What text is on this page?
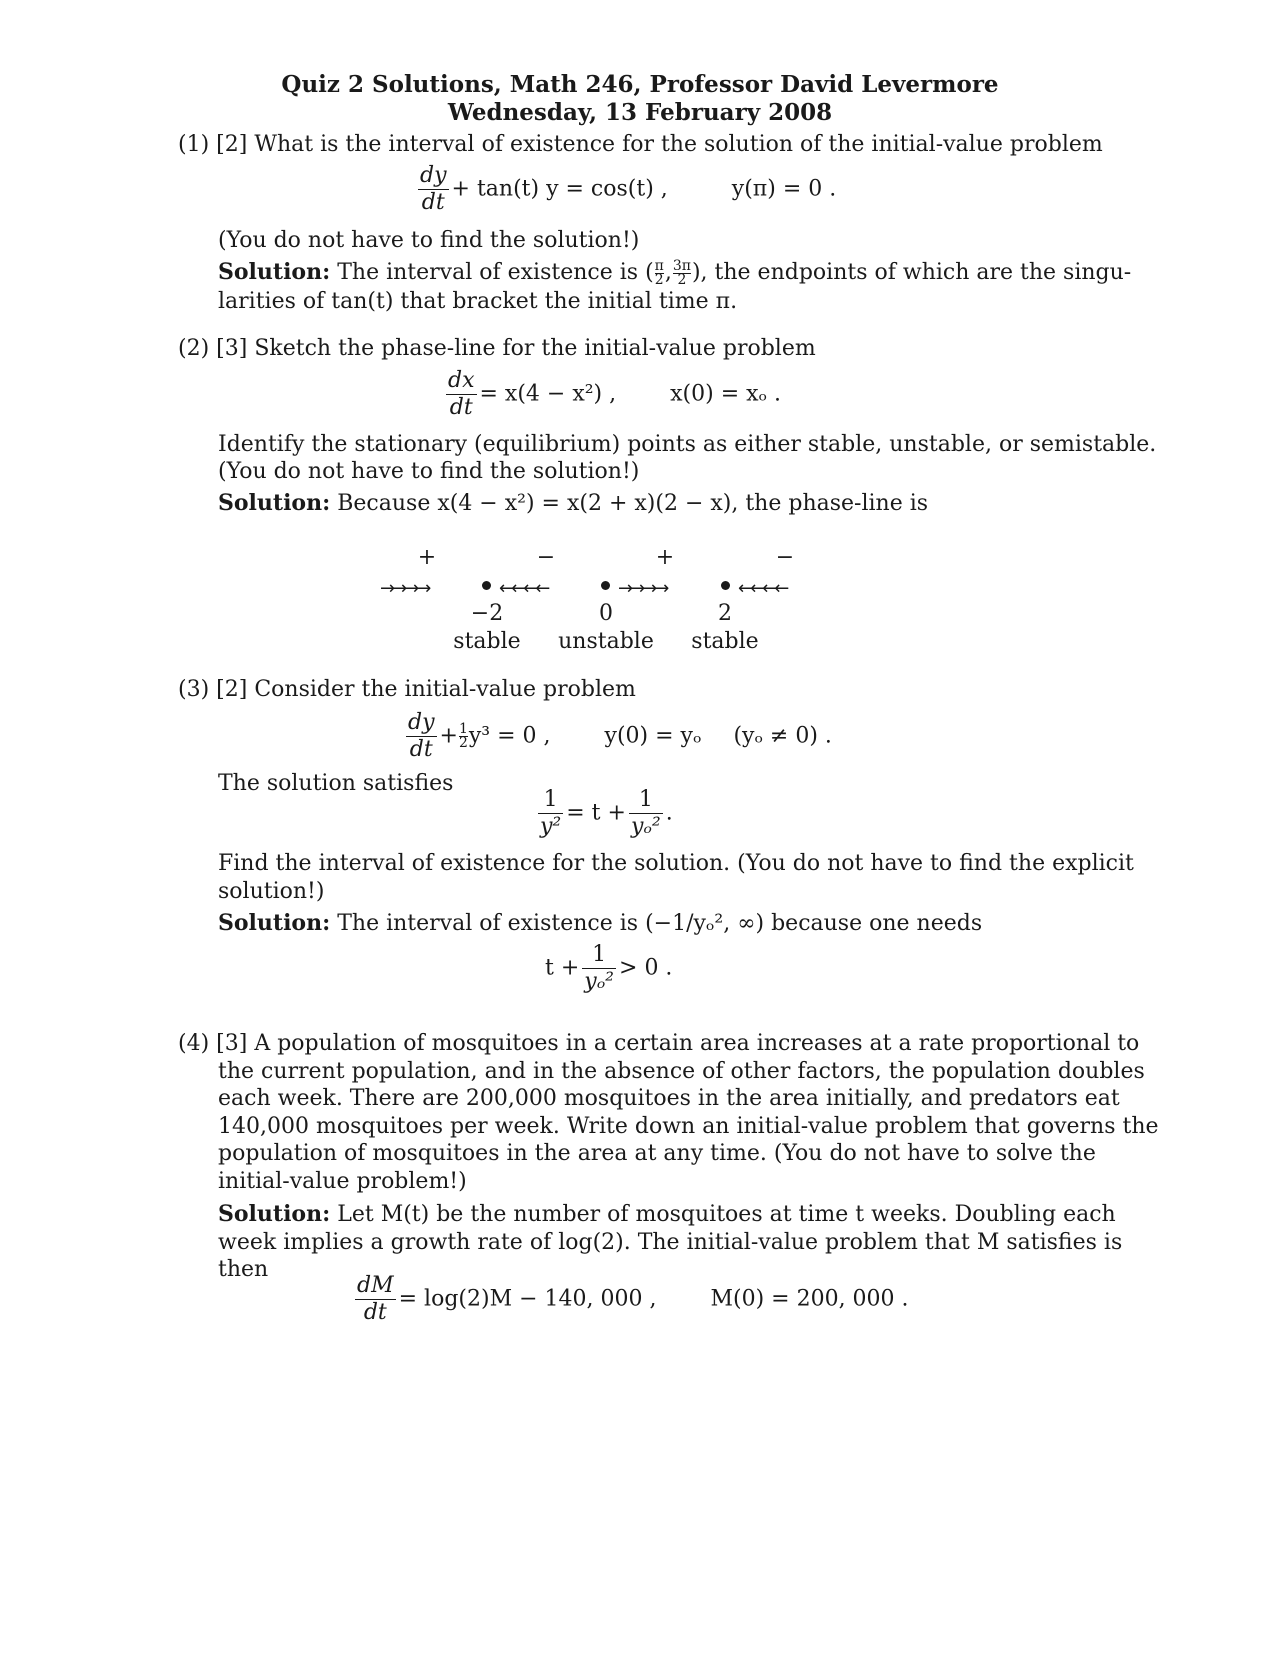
Quiz 2 Solutions, Math 246, Professor David Levermore
Wednesday, 13 February 2008
(1) [2] What is the interval of existence for the solution of the initial-value problem
$\frac{dy}{dt} + \tan(t) y = \cos(t)$ ,	y(π) = 0 .
(You do not have to find the solution!)
Solution: The interval of existence is ( $\frac{\pi}{2}$ , $\frac{3\pi}{2}$ ), the endpoints of which are the singu-
larities of tan(t) that bracket the initial time π.
(2) [3] Sketch the phase-line for the initial-value problem
$\frac{dx}{dt} = x(4 - x^2)$ , x(0) = xₒ .
Identify the stationary (equilibrium) points as either stable, unstable, or semistable.
(You do not have to find the solution!)
Solution: Because x(4 − x²) = x(2 + x)(2 − x), the phase-line is
+	−	+	−
→→→→	←←←←	→→→→	←←←←
−2	0	2
stable	unstable	stable
(3) [2] Consider the initial-value problem
$\frac{dy}{dt} + \frac{1}{2} y^3 = 0$ , y(0) = yₒ (yₒ ≠ 0) .
The solution satisfies
$\frac{1}{\text{y²}} = t + \frac{1}{\text{yₒ²}}$ .
Find the interval of existence for the solution. (You do not have to find the explicit
solution!)
Solution: The interval of existence is (−1/yₒ², ∞) because one needs
$t + \frac{1}{\text{yₒ²}} > 0$ .
(4) [3] A population of mosquitoes in a certain area increases at a rate proportional to
the current population, and in the absence of other factors, the population doubles
each week. There are 200,000 mosquitoes in the area initially, and predators eat
140,000 mosquitoes per week. Write down an initial-value problem that governs the
population of mosquitoes in the area at any time. (You do not have to solve the
initial-value problem!)
Solution: Let M(t) be the number of mosquitoes at time t weeks. Doubling each
week implies a growth rate of log(2). The initial-value problem that M satisfies is
then
$\frac{dM}{dt} = \log(2)M - 140$, 000 , M(0) = 200, 000 .
